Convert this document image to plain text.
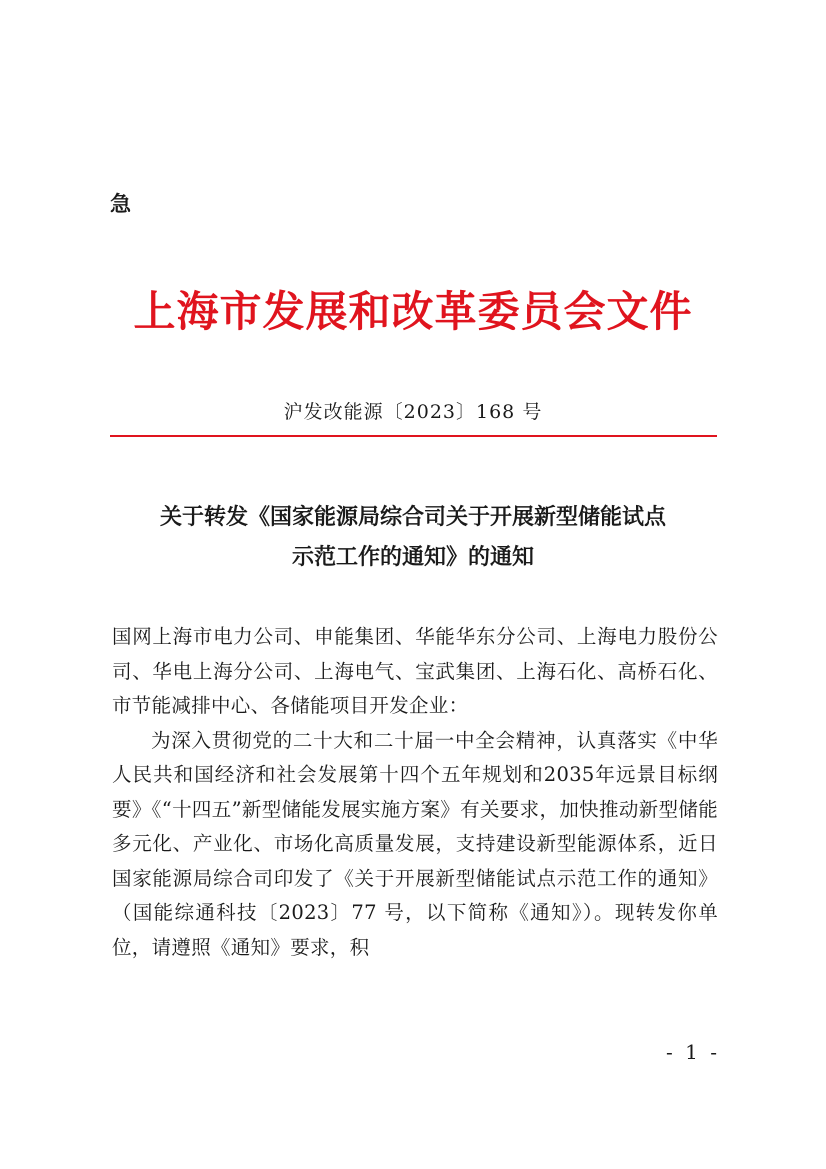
急
上海市发展和改革委员会文件
沪发改能源〔2023〕168 号
关于转发《国家能源局综合司关于开展新型储能试点
示范工作的通知》的通知

国网上海市电力公司、申能集团、华能华东分公司、上海电力股份公司、华电上海分公司、上海电气、宝武集团、上海石化、高桥石化、市节能减排中心、各储能项目开发企业：

为深入贯彻党的二十大和二十届一中全会精神，认真落实《中华人民共和国经济和社会发展第十四个五年规划和2035年远景目标纲要》《“十四五”新型储能发展实施方案》有关要求，加快推动新型储能多元化、产业化、市场化高质量发展，支持建设新型能源体系，近日国家能源局综合司印发了《关于开展新型储能试点示范工作的通知》（国能综通科技〔2023〕77 号，以下简称《通知》）。现转发你单位，请遵照《通知》要求，积

- 1 -
